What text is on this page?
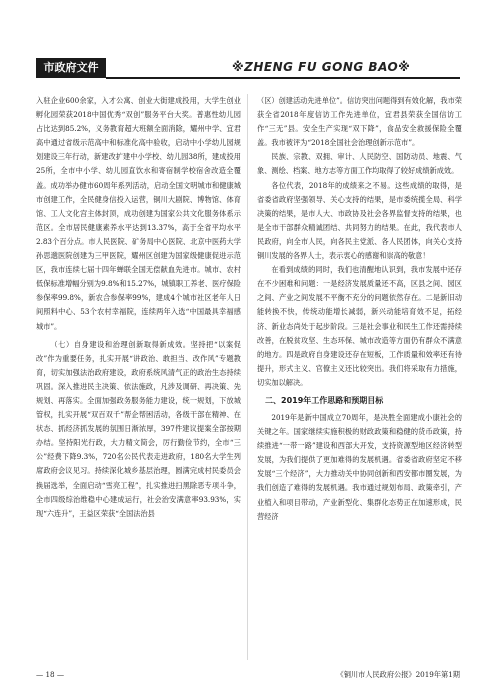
市政府文件	※ZHENG FU GONG BAO※

入驻企业600余家，入才公寓、创业大街建成投用，大学生创业孵化园荣获2018中国优秀“双创”服务平台大奖。普惠性幼儿园占比达到85.2%，义务教育超大班额全面消除，耀州中学、宜君高中通过省级示范高中和标准化高中验收，启动中小学幼儿园规划建设三年行动，新建改扩建中小学校、幼儿园38所，建成投用25所，全市中小学、幼儿园直饮水和寄宿制学校宿舍改造全覆盖。成功举办健市60周年系列活动，启动全国文明城市和健康城市创建工作，全民健身信投入运营，铜川大剧院、博物馆、体育馆、工人文化宫主体封顶，成功创建为国家公共文化服务体系示范区。全市居民健康素养水平达到13.37%，高于全省平均水平2.83个百分点。市人民医院、矿务局中心医院、北京中医药大学孙思邈医院创建为三甲医院，耀州区创建为国家级健康促进示范区，我市连续七届十四年蝉联全国无偿献血先进市。城市、农村低保标准增幅分别为9.8%和15.27%，城镇职工养老、医疗保险参保率99.8%，新农合参保率99%，建成4个城市社区老年人日间照料中心、53个农村幸福院，连续两年入选“中国最具幸福感城市”。

（七）自身建设和治理创新取得新成效。坚持把“以案促改”作为重要任务，扎实开展“讲政治、敢担当、改作风”专题教育，切实加强法治政府建设，政府系统风清气正的政治生态持续巩固。深入推进民主决策、依法施政，凡涉及调研、再决策、先规划、再落实。全面加强政务服务能力建设，统一规划，下放城管权，扎实开展“双百双千”帮企帮困活动，各级干部在精神、在状态、抓经济抓发展的氛围日渐浓厚，397件建议提案全部按期办结。坚持阳光行政，大力精文简会，厉行勤俭节约，全市“三公”经费下降9.3%，720名公民代表走进政府，180名大学生列席政府会议见习。持续深化城乡基层治理，圆满完成村民委员会换届选举，全面启动“雪亮工程”，扎实推进扫黑除恶专项斗争，全市四级综治维稳中心建成运行，社会治安满意率93.93%，实现“六连升”，王益区荣获“全国法治县

（区）创建活动先进单位”。信访突出问题得到有效化解，我市荣获全省2018年度信访工作先进单位，宜君县荣获全国信访工作“三无”县。安全生产实现“双下降”，食品安全救援保险全覆盖。我市被评为“2018全国社会治理创新示范市”。

民族、宗教、双拥、审计、人民防空、国防动员、地震、气象、测绘、档案、地方志等方面工作均取得了较好成绩新成效。

各位代表，2018年的成绩来之不易。这些成绩的取得，是省委省政府坚强领导、关心支持的结果，是市委统揽全局、科学决策的结果，是市人大、市政协及社会各界监督支持的结果，也是全市干部群众精诚团结、共同努力的结果。在此，我代表市人民政府，向全市人民，向各民主党派、各人民团体，向关心支持铜川发展的各界人士，表示衷心的感谢和崇高的敬意！

在看到成绩的同时，我们也清醒地认识到，我市发展中还存在不少困难和问题：一是经济发展质量还不高，区县之间、园区之间、产业之间发展不平衡不充分的问题依然存在。二是新旧动能转换不快，传统动能增长减弱，新兴动能培育效不足，拓经济、新业态尚处于起步阶段。三是社会事业和民生工作还需持续改善，在脱贫攻坚、生态环保、城市改造等方面仍有群众不满意的地方。四是政府自身建设还存在短板，工作质量和效率还有待提升，形式主义、官僚主义还比较突出。我们将采取有力措施，切实加以解决。

二、2019年工作思路和预期目标

2019年是新中国成立70周年，是决胜全面建成小康社会的关键之年。国家继续实施积极的财政政策和稳健的货币政策，持续推进“一带一路”建设和西部大开发，支持资源型地区经济转型发展，为我们提供了更加难得的发展机遇。省委省政府坚定不移发展“三个经济”，大力推动关中协同创新和西安都市圈发展，为我们创造了难得的发展机遇。我市通过规划布局、政策牵引，产业植入和项目带动，产业新型化、集群化态势正在加速形成，民营经济

— 18 —	《铜川市人民政府公报》2019年第1期
